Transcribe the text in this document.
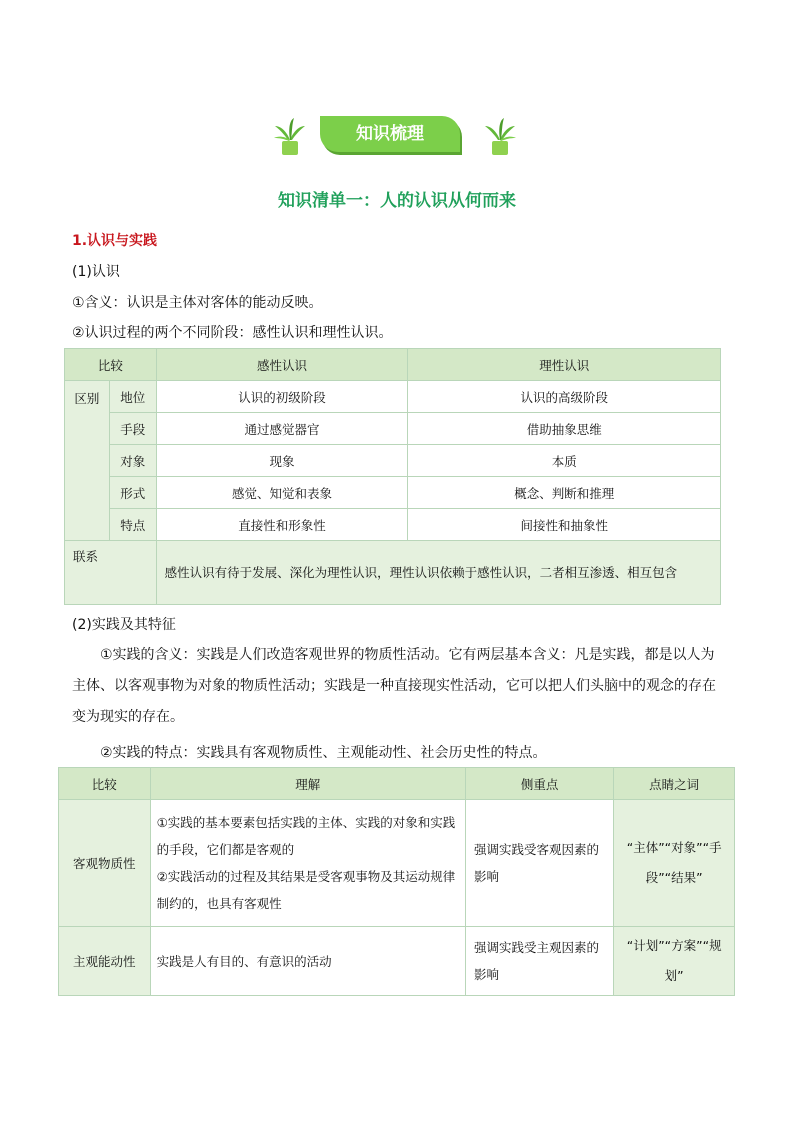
知识梳理
知识清单一：人的认识从何而来
1.认识与实践
(1)认识
①含义：认识是主体对客体的能动反映。
②认识过程的两个不同阶段：感性认识和理性认识。
比较		感性认识	理性认识
区别	地位	认识的初级阶段	认识的高级阶段
	手段	通过感觉器官	借助抽象思维
	对象	现象	本质
	形式	感觉、知觉和表象	概念、判断和推理
	特点	直接性和形象性	间接性和抽象性
联系		感性认识有待于发展、深化为理性认识，理性认识依赖于感性认识，二者相互渗透、相互包含	
(2)实践及其特征
①实践的含义：实践是人们改造客观世界的物质性活动。它有两层基本含义：凡是实践，都是以人为主体、以客观事物为对象的物质性活动；实践是一种直接现实性活动，它可以把人们头脑中的观念的存在变为现实的存在。
②实践的特点：实践具有客观物质性、主观能动性、社会历史性的特点。
比较	理解	侧重点	点睛之词
客观物质性	①实践的基本要素包括实践的主体、实践的对象和实践的手段，它们都是客观的
②实践活动的过程及其结果是受客观事物及其运动规律制约的，也具有客观性	强调实践受客观因素的影响	“主体”“对象”“手段”“结果”
主观能动性	实践是人有目的、有意识的活动	强调实践受主观因素的影响	“计划”“方案”“规划”
